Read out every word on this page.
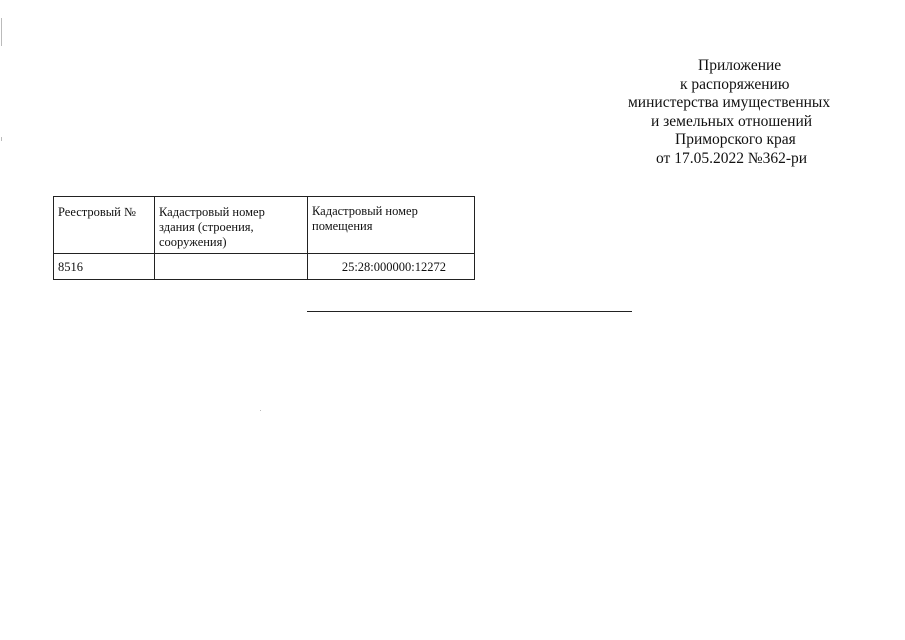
Приложение
к распоряжению
министерства имущественных
и земельных отношений
Приморского края
от 17.05.2022 №362-ри
Реестровый №	Кадастровый номер здания (строения, сооружения)	Кадастровый номер помещения

8516		25:28:000000:12272
